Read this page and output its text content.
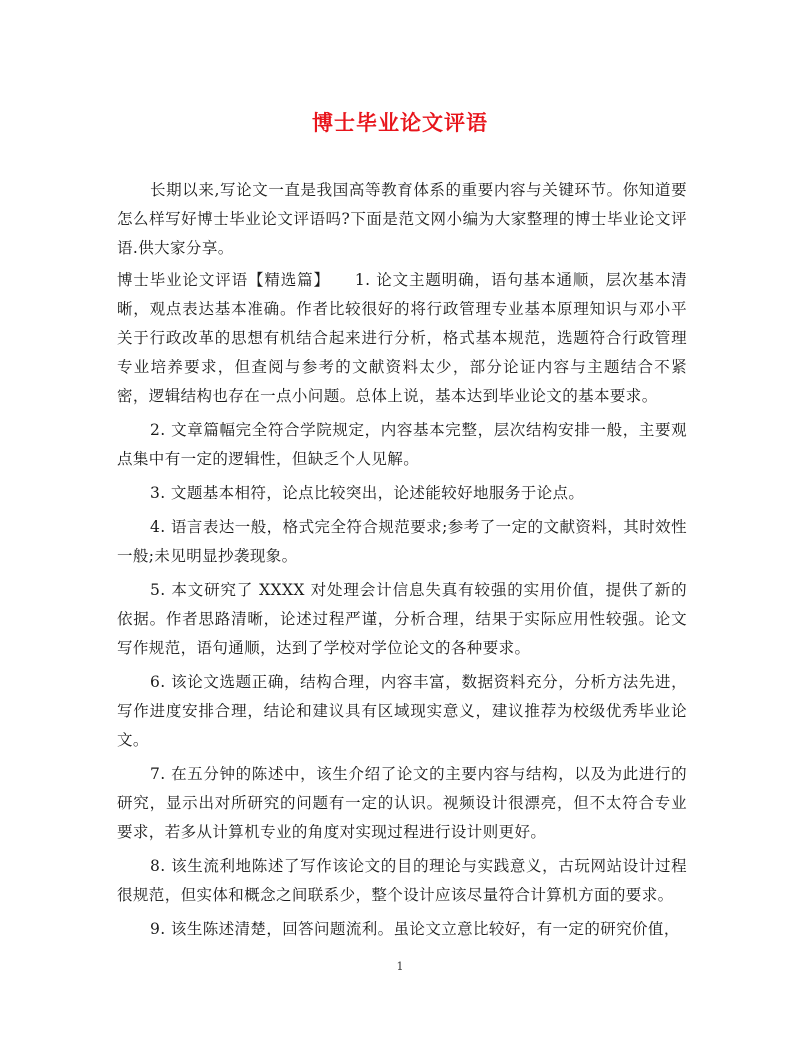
博士毕业论文评语

长期以来,写论文一直是我国高等教育体系的重要内容与关键环节。你知道要怎么样写好博士毕业论文评语吗?下面是范文网小编为大家整理的博士毕业论文评语.供大家分享。

博士毕业论文评语【精选篇】　　1. 论文主题明确，语句基本通顺，层次基本清晰，观点表达基本准确。作者比较很好的将行政管理专业基本原理知识与邓小平关于行政改革的思想有机结合起来进行分析，格式基本规范，选题符合行政管理专业培养要求，但查阅与参考的文献资料太少，部分论证内容与主题结合不紧密，逻辑结构也存在一点小问题。总体上说，基本达到毕业论文的基本要求。

2. 文章篇幅完全符合学院规定，内容基本完整，层次结构安排一般，主要观点集中有一定的逻辑性，但缺乏个人见解。

3. 文题基本相符，论点比较突出，论述能较好地服务于论点。

4. 语言表达一般，格式完全符合规范要求;参考了一定的文献资料，其时效性一般;未见明显抄袭现象。

5. 本文研究了 XXXX 对处理会计信息失真有较强的实用价值，提供了新的依据。作者思路清晰，论述过程严谨，分析合理，结果于实际应用性较强。论文写作规范，语句通顺，达到了学校对学位论文的各种要求。

6. 该论文选题正确，结构合理，内容丰富，数据资料充分，分析方法先进，写作进度安排合理，结论和建议具有区域现实意义，建议推荐为校级优秀毕业论文。

7. 在五分钟的陈述中，该生介绍了论文的主要内容与结构，以及为此进行的研究，显示出对所研究的问题有一定的认识。视频设计很漂亮，但不太符合专业要求，若多从计算机专业的角度对实现过程进行设计则更好。

8. 该生流利地陈述了写作该论文的目的理论与实践意义，古玩网站设计过程很规范，但实体和概念之间联系少，整个设计应该尽量符合计算机方面的要求。

9. 该生陈述清楚，回答问题流利。虽论文立意比较好，有一定的研究价值，

1
